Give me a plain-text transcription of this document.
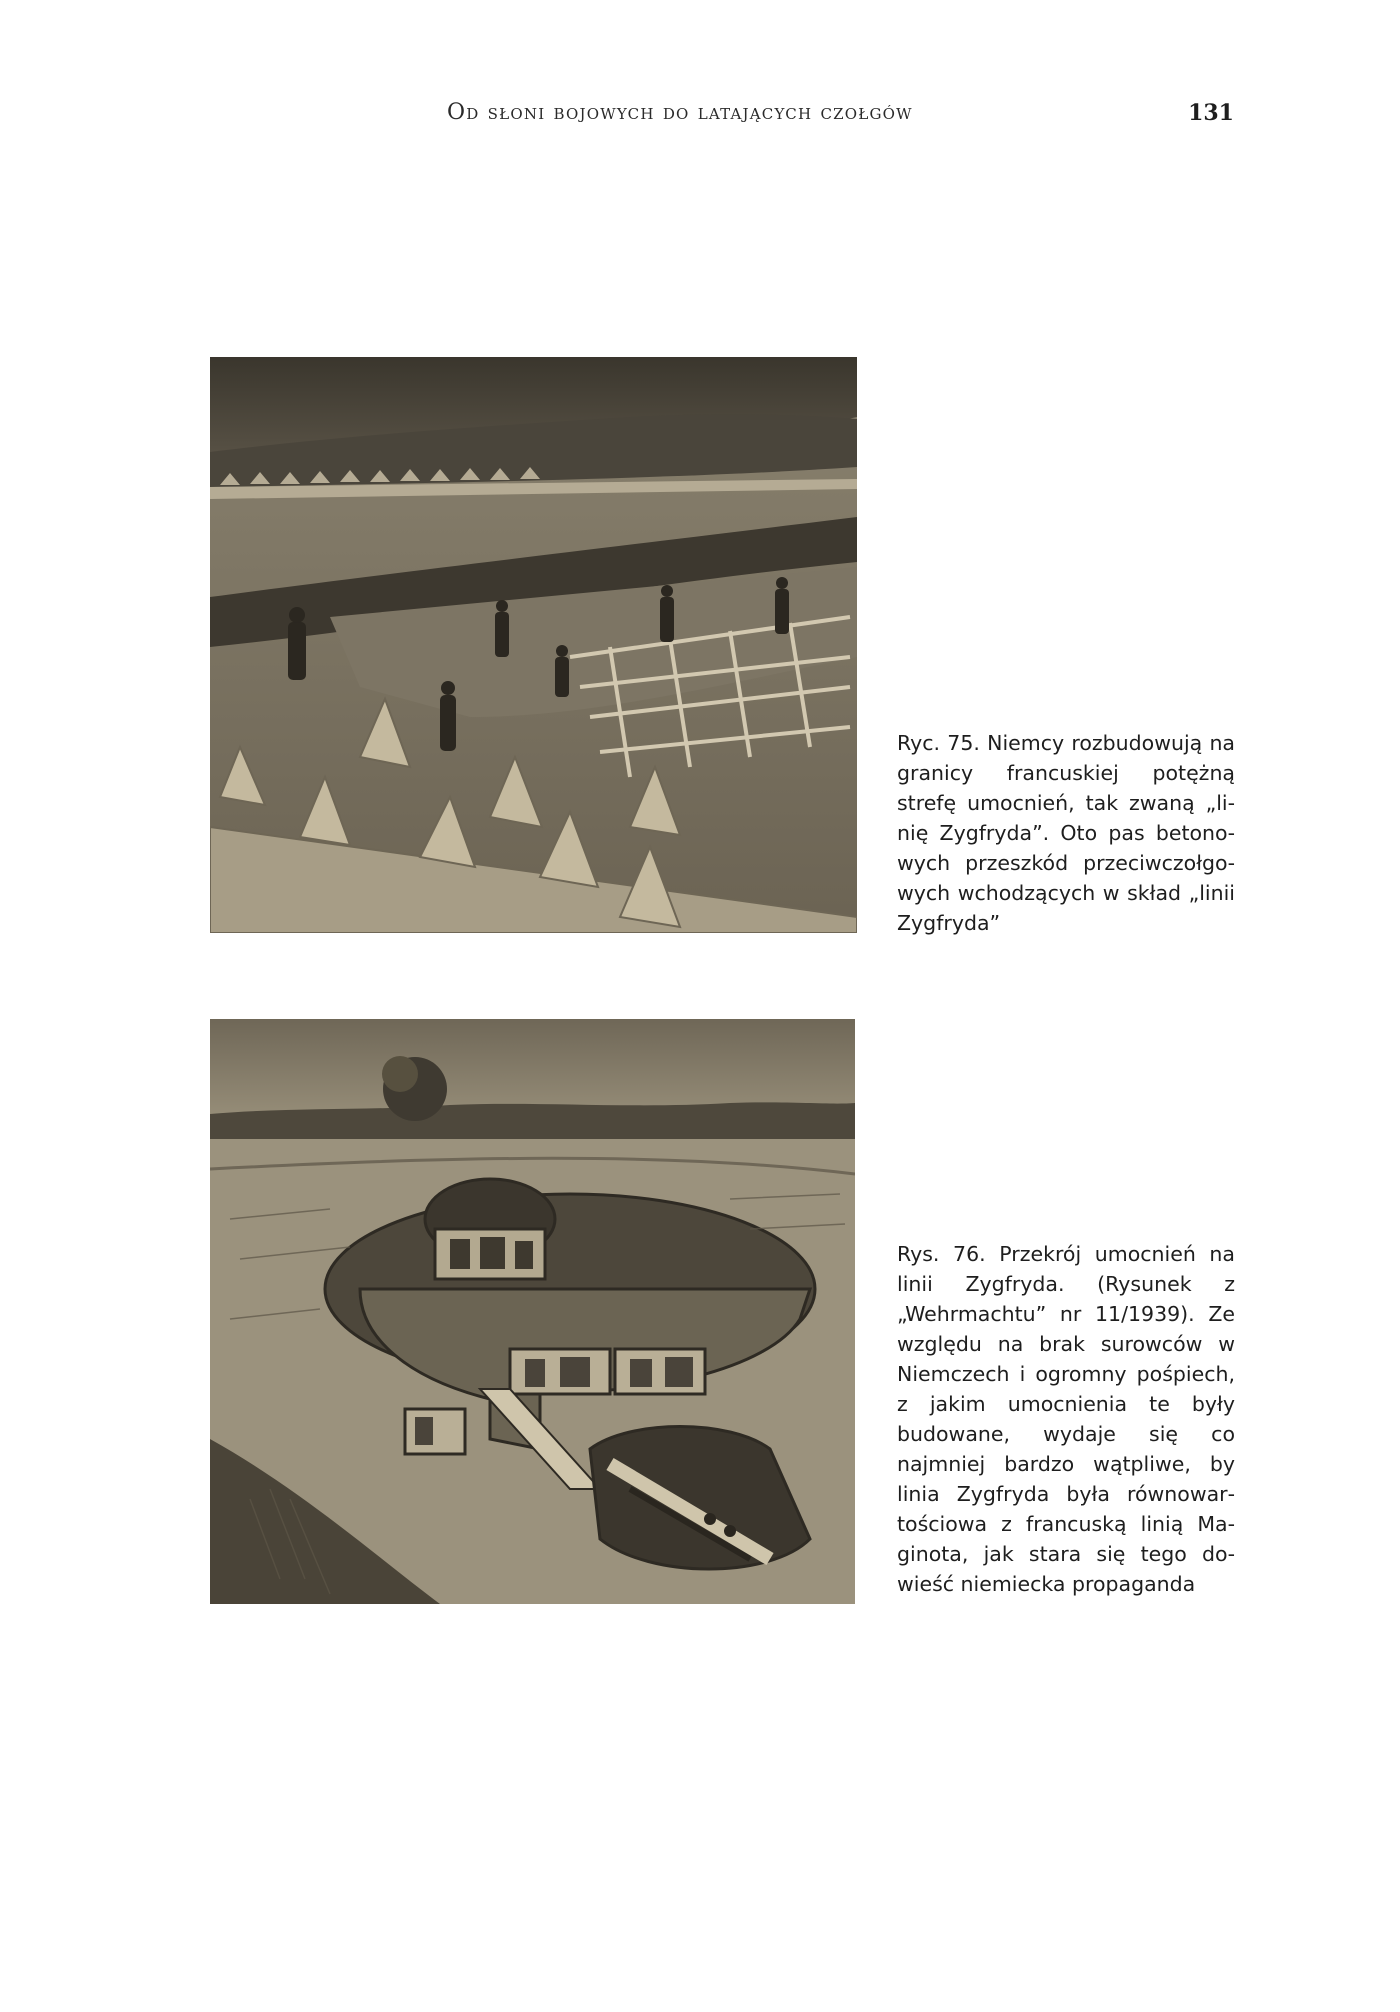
Od słoni bojowych do latających czołgów	131
Ryc. 75. Niemcy rozbudowują na granicy francuskiej potężną strefę umocnień, tak zwaną „linię Zygfryda”. Oto pas betonowych przeszkód przeciwczołgowych wchodzących w skład „linii Zygfryda”
Rys. 76. Przekrój umocnień na linii Zygfryda. (Rysunek z „Wehrmachtu” nr 11/1939). Ze względu na brak surowców w Niemczech i ogromny pośpiech, z jakim umocnienia te były budowane, wydaje się co najmniej bardzo wątpliwe, by linia Zygfryda była równowartościowa z francuską linią Maginota, jak stara się tego dowieść niemiecka propaganda
